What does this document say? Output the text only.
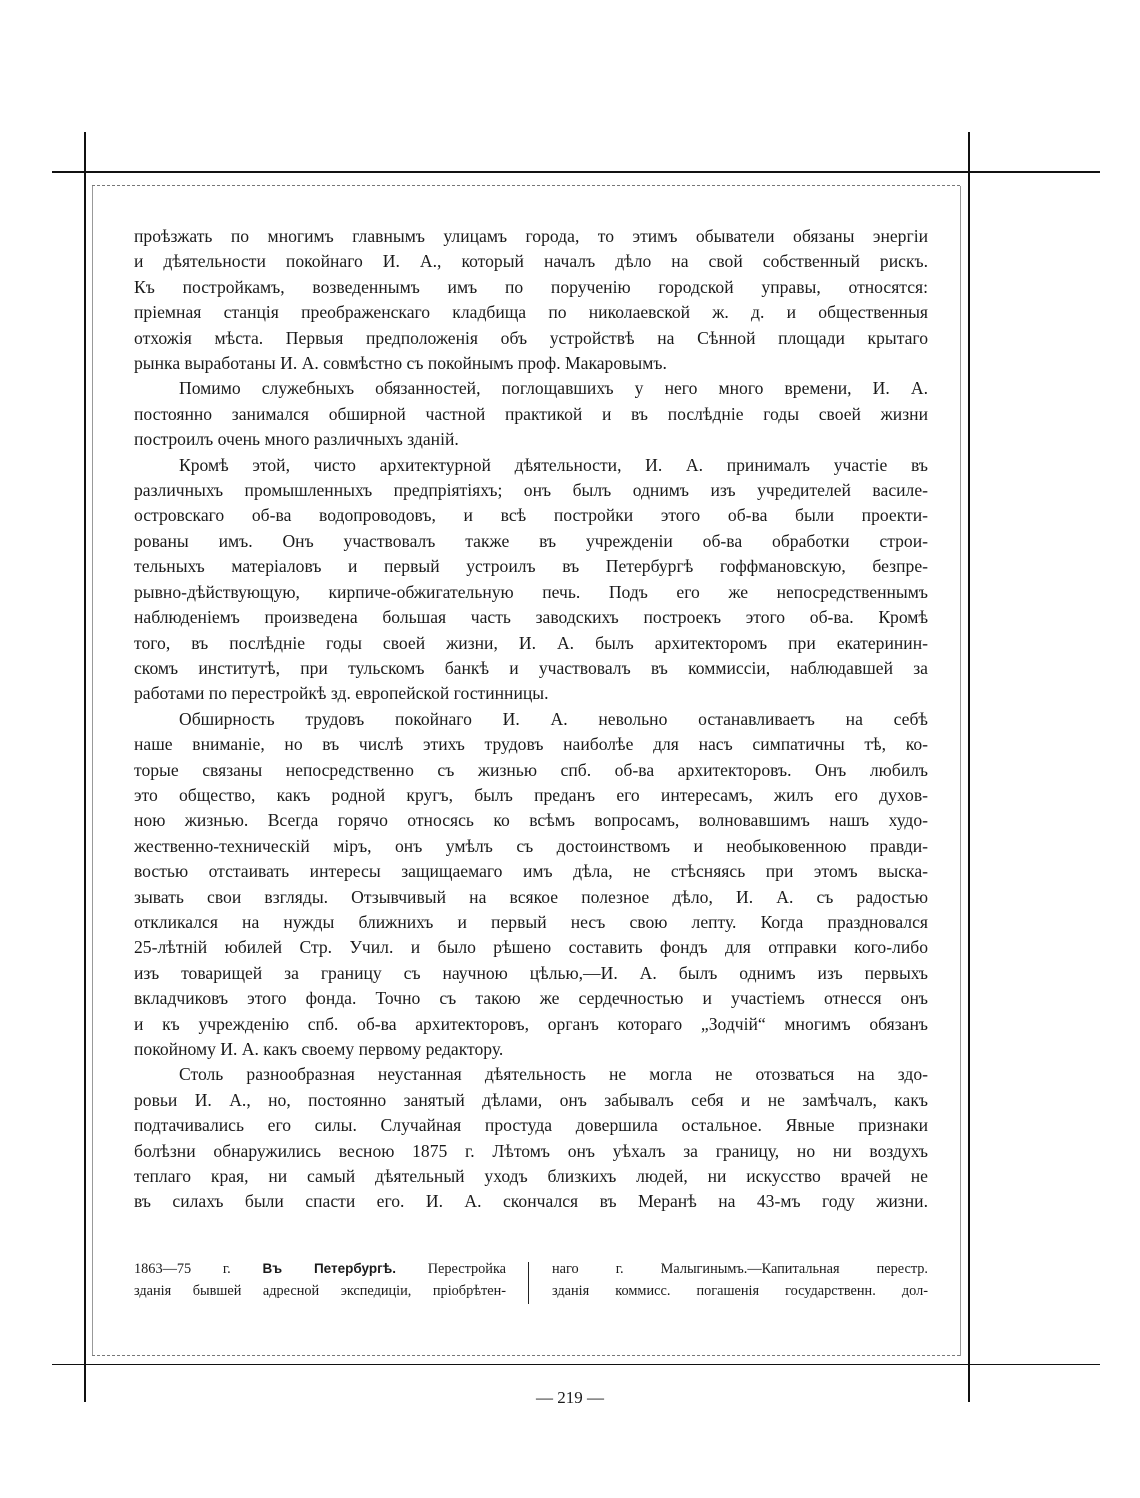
проѣзжать по многимъ главнымъ улицамъ города, то этимъ обыватели обязаны энергіи
и дѣятельности покойнаго И. А., который началъ дѣло на свой собственный рискъ.
Къ постройкамъ, возведеннымъ имъ по порученію городской управы, относятся:
пріемная станція преображенскаго кладбища по николаевской ж. д. и общественныя
отхожія мѣста. Первыя предположенія объ устройствѣ на Сѣнной площади крытаго
рынка выработаны И. А. совмѣстно съ покойнымъ проф. Макаровымъ.

Помимо служебныхъ обязанностей, поглощавшихъ у него много времени, И. А.
постоянно занимался обширной частной практикой и въ послѣдніе годы своей жизни
построилъ очень много различныхъ зданій.

Кромѣ этой, чисто архитектурной дѣятельности, И. А. принималъ участіе въ
различныхъ промышленныхъ предпріятіяхъ; онъ былъ однимъ изъ учредителей василе-
островскаго об-ва водопроводовъ, и всѣ постройки этого об-ва были проекти-
рованы имъ. Онъ участвовалъ также въ учрежденіи об-ва обработки строи-
тельныхъ матеріаловъ и первый устроилъ въ Петербургѣ гоффмановскую, безпре-
рывно-дѣйствующую, кирпиче-обжигательную печь. Подъ его же непосредственнымъ
наблюденіемъ произведена большая часть заводскихъ построекъ этого об-ва. Кромѣ
того, въ послѣдніе годы своей жизни, И. А. былъ архитекторомъ при екатеринин-
скомъ институтѣ, при тульскомъ банкѣ и участвовалъ въ коммиссіи, наблюдавшей за
работами по перестройкѣ зд. европейской гостинницы.

Обширность трудовъ покойнаго И. А. невольно останавливаетъ на себѣ
наше вниманіе, но въ числѣ этихъ трудовъ наиболѣе для насъ симпатичны тѣ, ко-
торые связаны непосредственно съ жизнью спб. об-ва архитекторовъ. Онъ любилъ
это общество, какъ родной кругъ, былъ преданъ его интересамъ, жилъ его духов-
ною жизнью. Всегда горячо относясь ко всѣмъ вопросамъ, волновавшимъ нашъ худо-
жественно-техническій міръ, онъ умѣлъ съ достоинствомъ и необыковенною правди-
востью отстаивать интересы защищаемаго имъ дѣла, не стѣсняясь при этомъ выска-
зывать свои взгляды. Отзывчивый на всякое полезное дѣло, И. А. съ радостью
откликался на нужды ближнихъ и первый несъ свою лепту. Когда праздновался
25-лѣтній юбилей Стр. Учил. и было рѣшено составить фондъ для отправки кого-либо
изъ товарищей за границу съ научною цѣлью,—И. А. былъ однимъ изъ первыхъ
вкладчиковъ этого фонда. Точно съ такою же сердечностью и участіемъ отнесся онъ
и къ учрежденію спб. об-ва архитекторовъ, органъ котораго „Зодчій“ многимъ обязанъ
покойному И. А. какъ своему первому редактору.

Столь разнообразная неустанная дѣятельность не могла не отозваться на здо-
ровьи И. А., но, постоянно занятый дѣлами, онъ забывалъ себя и не замѣчалъ, какъ
подтачивались его силы. Случайная простуда довершила остальное. Явные признаки
болѣзни обнаружились весною 1875 г. Лѣтомъ онъ уѣхалъ за границу, но ни воздухъ
теплаго края, ни самый дѣятельный уходъ близкихъ людей, ни искусство врачей не
въ силахъ были спасти его. И. А. скончался въ Меранѣ на 43-мъ году жизни.

1863—75 г. Въ Петербургѣ. Перестройка
зданія бывшей адресной экспедиціи, пріобрѣтен-
наго г. Малыгинымъ.—Капитальная перестр.
зданія коммисс. погашенія государственн. дол-
— 219 —
